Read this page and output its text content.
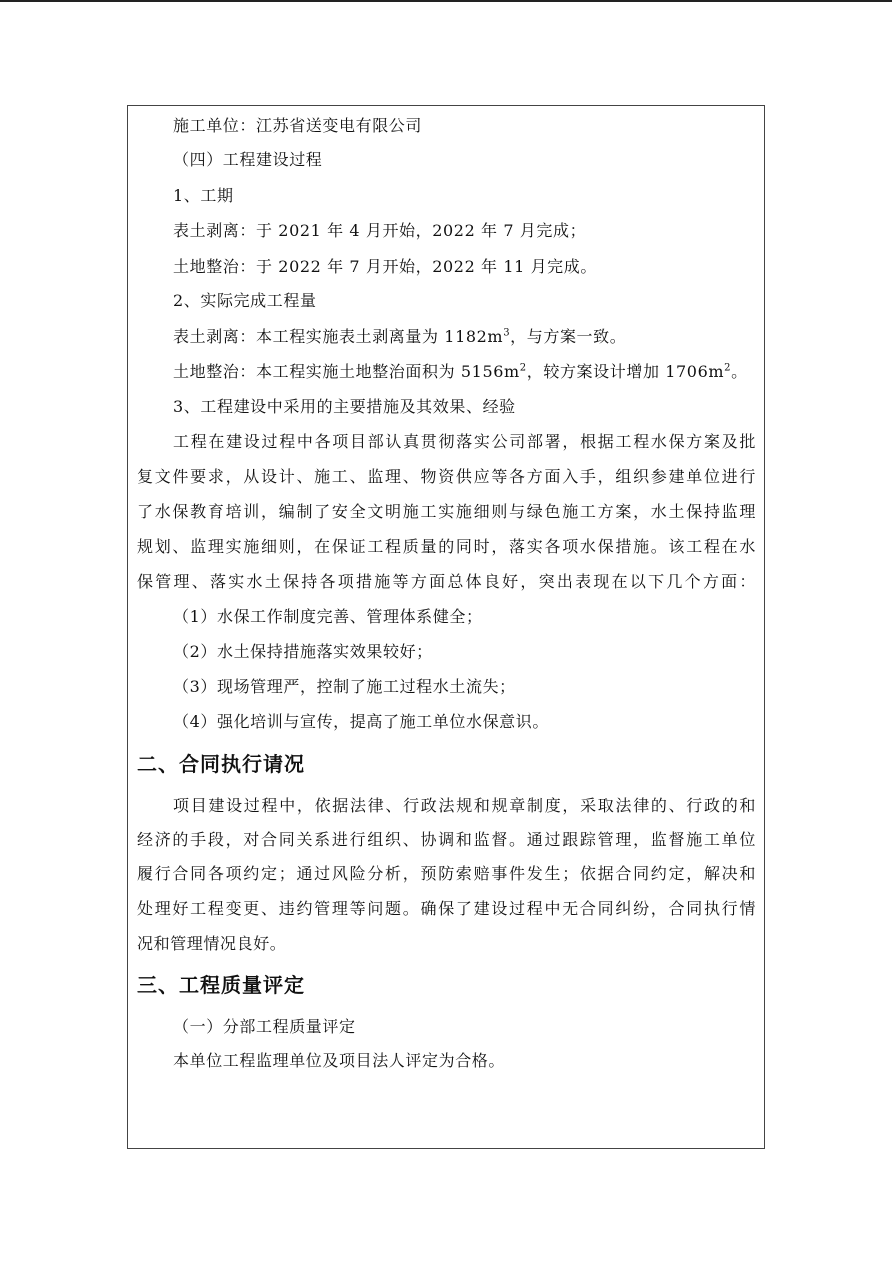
施工单位：江苏省送变电有限公司
（四）工程建设过程
1、工期
表土剥离：于 2021 年 4 月开始，2022 年 7 月完成；
土地整治：于 2022 年 7 月开始，2022 年 11 月完成。
2、实际完成工程量
表土剥离：本工程实施表土剥离量为 $1182m^3$，与方案一致。
土地整治：本工程实施土地整治面积为 $5156m^2$，较方案设计增加 $1706m^2$。
3、工程建设中采用的主要措施及其效果、经验
工程在建设过程中各项目部认真贯彻落实公司部署，根据工程水保方案及批
复文件要求，从设计、施工、监理、物资供应等各方面入手，组织参建单位进行
了水保教育培训，编制了安全文明施工实施细则与绿色施工方案，水土保持监理
规划、监理实施细则，在保证工程质量的同时，落实各项水保措施。该工程在水
保管理、落实水土保持各项措施等方面总体良好，突出表现在以下几个方面：
（1）水保工作制度完善、管理体系健全；
（2）水土保持措施落实效果较好；
（3）现场管理严，控制了施工过程水土流失；
（4）强化培训与宣传，提高了施工单位水保意识。
二、合同执行请况
项目建设过程中，依据法律、行政法规和规章制度，采取法律的、行政的和
经济的手段，对合同关系进行组织、协调和监督。通过跟踪管理，监督施工单位
履行合同各项约定；通过风险分析，预防索赔事件发生；依据合同约定，解决和
处理好工程变更、违约管理等问题。确保了建设过程中无合同纠纷，合同执行情
况和管理情况良好。
三、工程质量评定
（一）分部工程质量评定
本单位工程监理单位及项目法人评定为合格。
